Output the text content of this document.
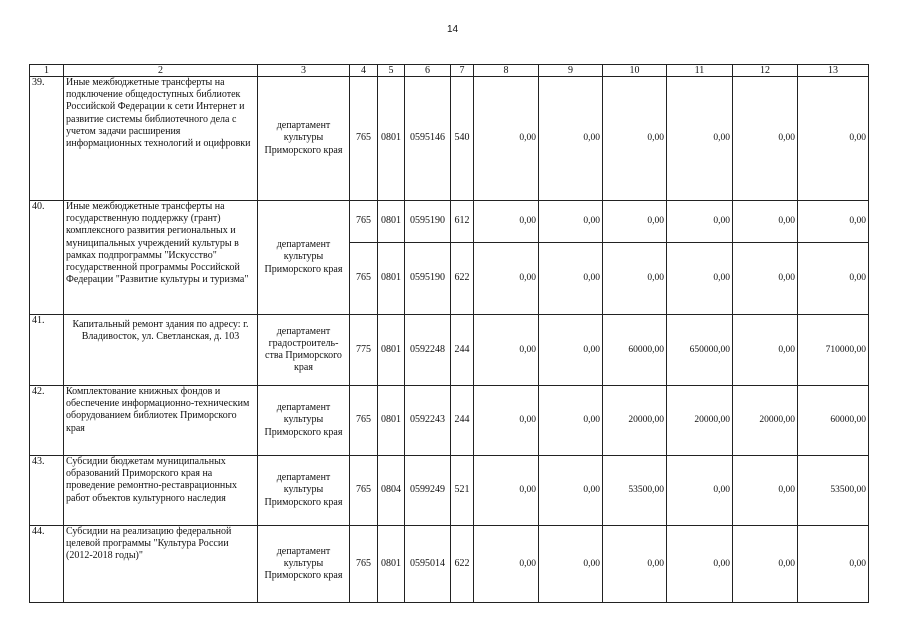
14
1	2	3	4	5	6	7	8	9	10	11	12	13
39.	Иные межбюджетные трансферты на подключение общедоступных библиотек Российской Федерации к сети Интернет и развитие системы библиотечного дела с учетом задачи расширения информационных технологий и оцифровки	департамент культуры Приморского края	765	0801	0595146	540	0,00	0,00	0,00	0,00	0,00	0,00
40.	Иные межбюджетные трансферты на государственную поддержку (грант) комплексного развития региональных и муниципальных учреждений культуры в рамках подпрограммы "Искусство" государственной программы Российской Федерации "Развитие культуры и туризма"	департамент культуры Приморского края	765	0801	0595190	612	0,00	0,00	0,00	0,00	0,00	0,00
			765	0801	0595190	622	0,00	0,00	0,00	0,00	0,00	0,00
41.	Капитальный ремонт здания по адресу: г. Владивосток, ул. Светланская, д. 103	департамент градостроитель-ства Приморского края	775	0801	0592248	244	0,00	0,00	60000,00	650000,00	0,00	710000,00
42.	Комплектование книжных фондов и обеспечение информационно-техническим оборудованием библиотек Приморского края	департамент культуры Приморского края	765	0801	0592243	244	0,00	0,00	20000,00	20000,00	20000,00	60000,00
43.	Субсидии бюджетам муниципальных образований Приморского края на проведение ремонтно-реставрационных работ объектов культурного наследия	департамент культуры Приморского края	765	0804	0599249	521	0,00	0,00	53500,00	0,00	0,00	53500,00
44.	Субсидии на реализацию федеральной целевой программы "Культура России (2012-2018 годы)"	департамент культуры Приморского края	765	0801	0595014	622	0,00	0,00	0,00	0,00	0,00	0,00
